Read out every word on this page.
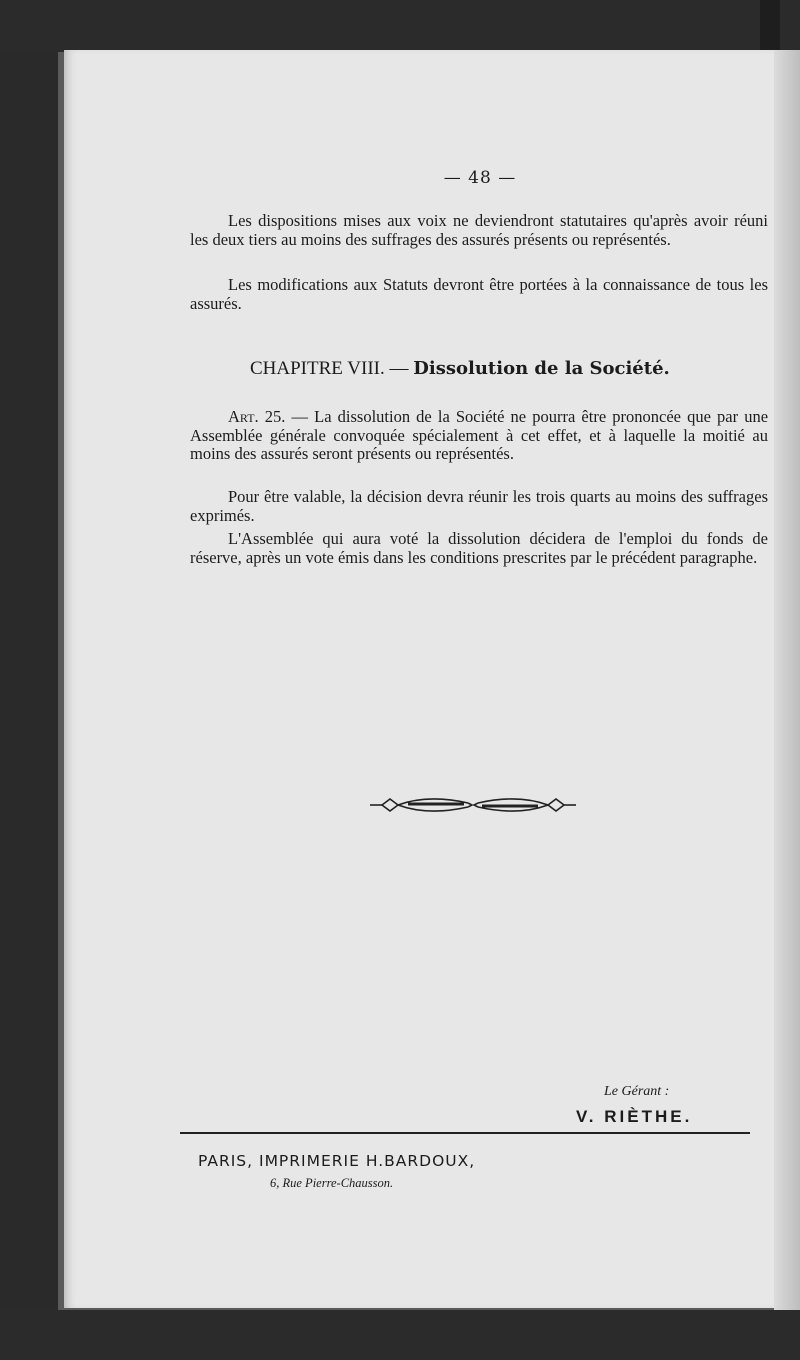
— 48 —
Les dispositions mises aux voix ne deviendront statutaires qu'après avoir réuni les deux tiers au moins des suffrages des assurés présents ou représentés.
Les modifications aux Statuts devront être portées à la connaissance de tous les assurés.
CHAPITRE VIII. — Dissolution de la Société.
Art. 25. — La dissolution de la Société ne pourra être prononcée que par une Assemblée générale convoquée spécialement à cet effet, et à laquelle la moitié au moins des assurés seront présents ou représentés.
Pour être valable, la décision devra réunir les trois quarts au moins des suffrages exprimés.
L'Assemblée qui aura voté la dissolution décidera de l'emploi du fonds de réserve, après un vote émis dans les conditions prescrites par le précédent paragraphe.
Le Gérant :
V. RIÈTHE.
PARIS, IMPRIMERIE H.BARDOUX,
6, Rue Pierre-Chausson.
